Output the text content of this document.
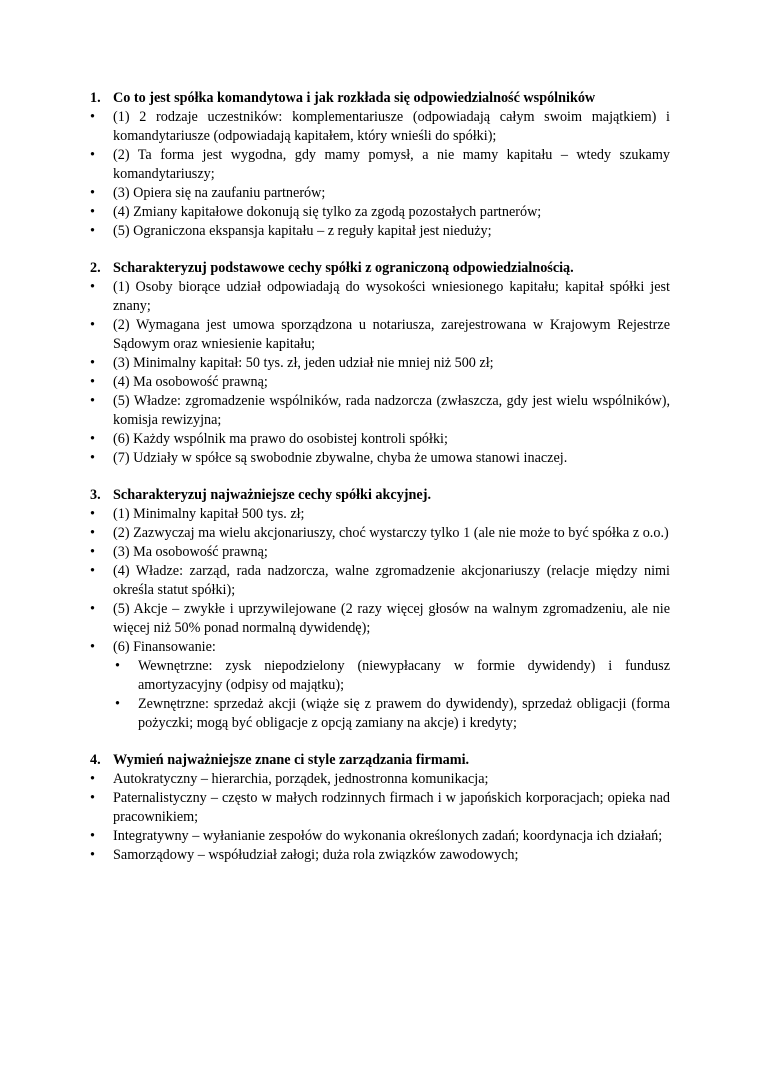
1. Co to jest spółka komandytowa i jak rozkłada się odpowiedzialność wspólników
•	(1) 2 rodzaje uczestników: komplementariusze (odpowiadają całym swoim majątkiem) i komandytariusze (odpowiadają kapitałem, który wnieśli do spółki);
•	(2) Ta forma jest wygodna, gdy mamy pomysł, a nie mamy kapitału – wtedy szukamy komandytariuszy;
•	(3) Opiera się na zaufaniu partnerów;
•	(4) Zmiany kapitałowe dokonują się tylko za zgodą pozostałych partnerów;
•	(5) Ograniczona ekspansja kapitału – z reguły kapitał jest nieduży;
2. Scharakteryzuj podstawowe cechy spółki z ograniczoną odpowiedzialnością.
•	(1) Osoby biorące udział odpowiadają do wysokości wniesionego kapitału; kapitał spółki jest znany;
•	(2) Wymagana jest umowa sporządzona u notariusza, zarejestrowana w Krajowym Rejestrze Sądowym oraz wniesienie kapitału;
•	(3) Minimalny kapitał: 50 tys. zł, jeden udział nie mniej niż 500 zł;
•	(4) Ma osobowość prawną;
•	(5) Władze: zgromadzenie wspólników, rada nadzorcza (zwłaszcza, gdy jest wielu wspólników), komisja rewizyjna;
•	(6) Każdy wspólnik ma prawo do osobistej kontroli spółki;
•	(7) Udziały w spółce są swobodnie zbywalne, chyba że umowa stanowi inaczej.
3. Scharakteryzuj najważniejsze cechy spółki akcyjnej.
•	(1) Minimalny kapitał 500 tys. zł;
•	(2) Zazwyczaj ma wielu akcjonariuszy, choć wystarczy tylko 1 (ale nie może to być spółka z o.o.)
•	(3) Ma osobowość prawną;
•	(4) Władze: zarząd, rada nadzorcza, walne zgromadzenie akcjonariuszy (relacje między nimi określa statut spółki);
•	(5) Akcje – zwykłe i uprzywilejowane (2 razy więcej głosów na walnym zgromadzeniu, ale nie więcej niż 50% ponad normalną dywidendę);
•	(6) Finansowanie:
• Wewnętrzne: zysk niepodzielony (niewypłacany w formie dywidendy) i fundusz amortyzacyjny (odpisy od majątku);
• Zewnętrzne: sprzedaż akcji (wiąże się z prawem do dywidendy), sprzedaż obligacji (forma pożyczki; mogą być obligacje z opcją zamiany na akcje) i kredyty;
4. Wymień najważniejsze znane ci style zarządzania firmami.
•	Autokratyczny – hierarchia, porządek, jednostronna komunikacja;
•	Paternalistyczny – często w małych rodzinnych firmach i w japońskich korporacjach; opieka nad pracownikiem;
•	Integratywny – wyłanianie zespołów do wykonania określonych zadań; koordynacja ich działań;
•	Samorządowy – współudział załogi; duża rola związków zawodowych;
